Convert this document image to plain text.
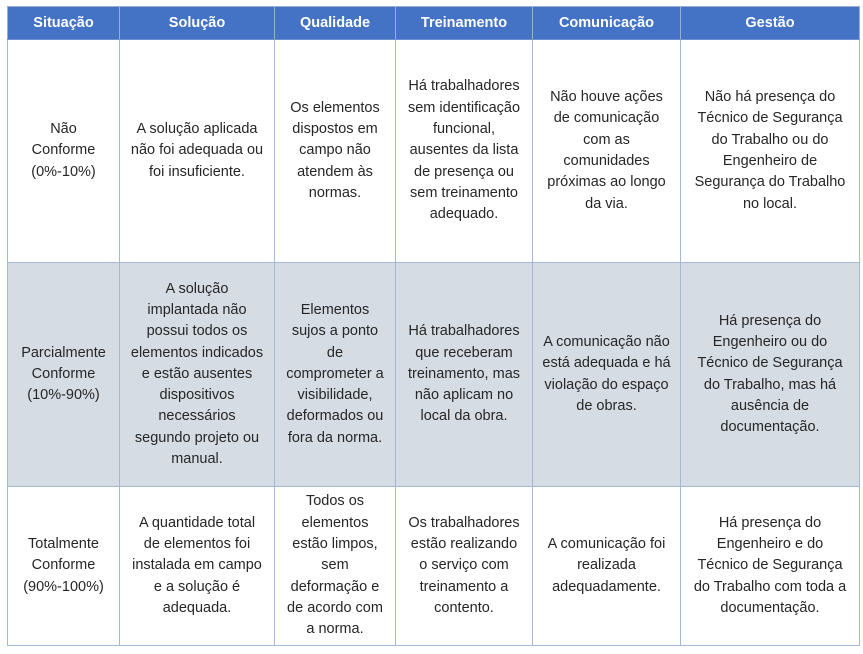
Situação	Solução	Qualidade	Treinamento	Comunicação	Gestão

Não Conforme (0%-10%)	A solução aplicada não foi adequada ou foi insuficiente.	Os elementos dispostos em campo não atendem às normas.	Há trabalhadores sem identificação funcional, ausentes da lista de presença ou sem treinamento adequado.	Não houve ações de comunicação com as comunidades próximas ao longo da via.	Não há presença do Técnico de Segurança do Trabalho ou do Engenheiro de Segurança do Trabalho no local.

Parcialmente Conforme (10%-90%)	A solução implantada não possui todos os elementos indicados e estão ausentes dispositivos necessários segundo projeto ou manual.	Elementos sujos a ponto de comprometer a visibilidade, deformados ou fora da norma.	Há trabalhadores que receberam treinamento, mas não aplicam no local da obra.	A comunicação não está adequada e há violação do espaço de obras.	Há presença do Engenheiro ou do Técnico de Segurança do Trabalho, mas há ausência de documentação.

Totalmente Conforme (90%-100%)	A quantidade total de elementos foi instalada em campo e a solução é adequada.	Todos os elementos estão limpos, sem deformação e de acordo com a norma.	Os trabalhadores estão realizando o serviço com treinamento a contento.	A comunicação foi realizada adequadamente.	Há presença do Engenheiro e do Técnico de Segurança do Trabalho com toda a documentação.
